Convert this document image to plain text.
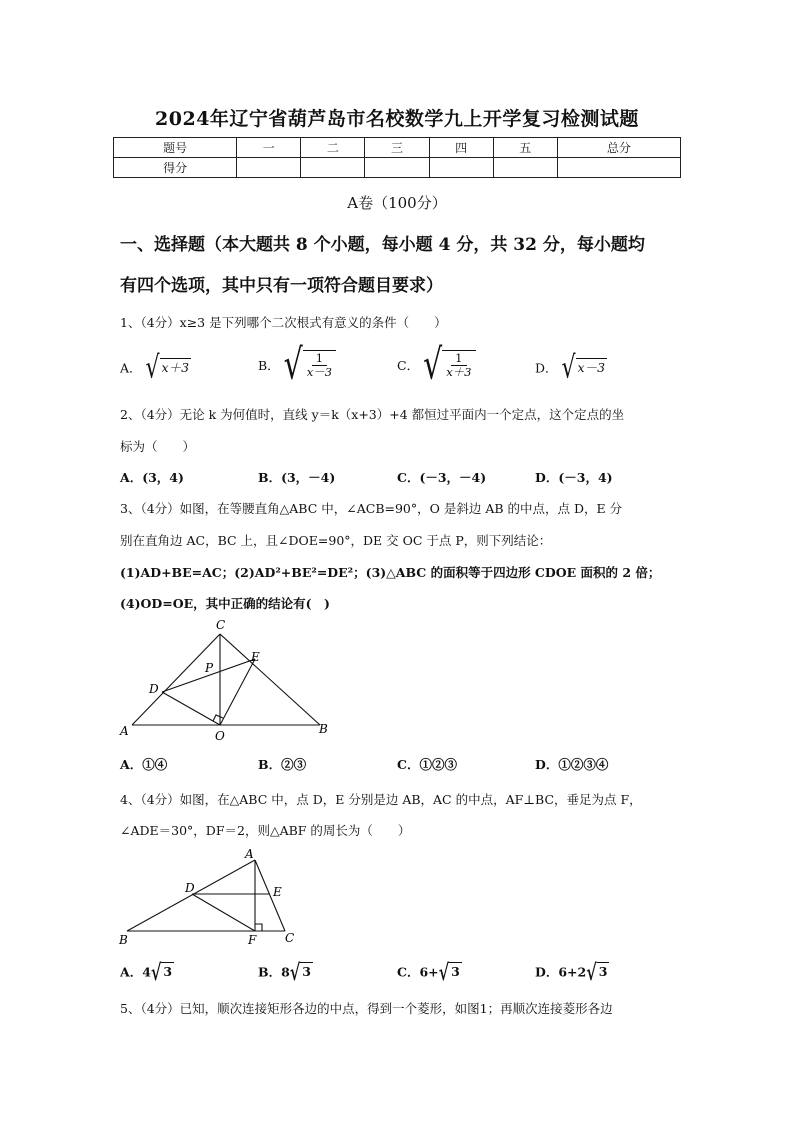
2024年辽宁省葫芦岛市名校数学九上开学复习检测试题
题号	一	二	三	四	五	总分
得分						
A卷（100分）
一、选择题（本大题共 8 个小题，每小题 4 分，共 32 分，每小题均
有四个选项，其中只有一项符合题目要求）
1、（4分）x≥3 是下列哪个二次根式有意义的条件（　　）
A． √ x＋3	B． √ $\frac{1}{x-3}$	C． √ $\frac{1}{x+3}$	D． √ x－3
2、（4分）无论 k 为何值时，直线 y＝k（x+3）+4 都恒过平面内一个定点，这个定点的坐
标为（　　）
A．(3，4)	B．(3，－4)	C．(－3，－4)	D．(－3，4)
3、（4分）如图，在等腰直角△ABC 中，∠ACB=90°，O 是斜边 AB 的中点，点 D，E 分
别在直角边 AC，BC 上，且∠DOE=90°，DE 交 OC 于点 P，则下列结论：
(1)AD+BE=AC；(2)AD²+BE²=DE²；(3)△ABC 的面积等于四边形 CDOE 面积的 2 倍；
(4)OD=OE，其中正确的结论有(　)
C
E
P
D
A	O	B
A．①④	B．②③	C．①②③	D．①②③④
4、（4分）如图，在△ABC 中，点 D，E 分别是边 AB，AC 的中点，AF⊥BC，垂足为点 F，
∠ADE＝30°，DF＝2，则△ABF 的周长为（　　）
A
D	E
B	F C
A．4 √ 3	B．8 √ 3	C．6+ √ 3	D．6+2 √ 3
5、（4分）已知，顺次连接矩形各边的中点，得到一个菱形，如图1；再顺次连接菱形各边
